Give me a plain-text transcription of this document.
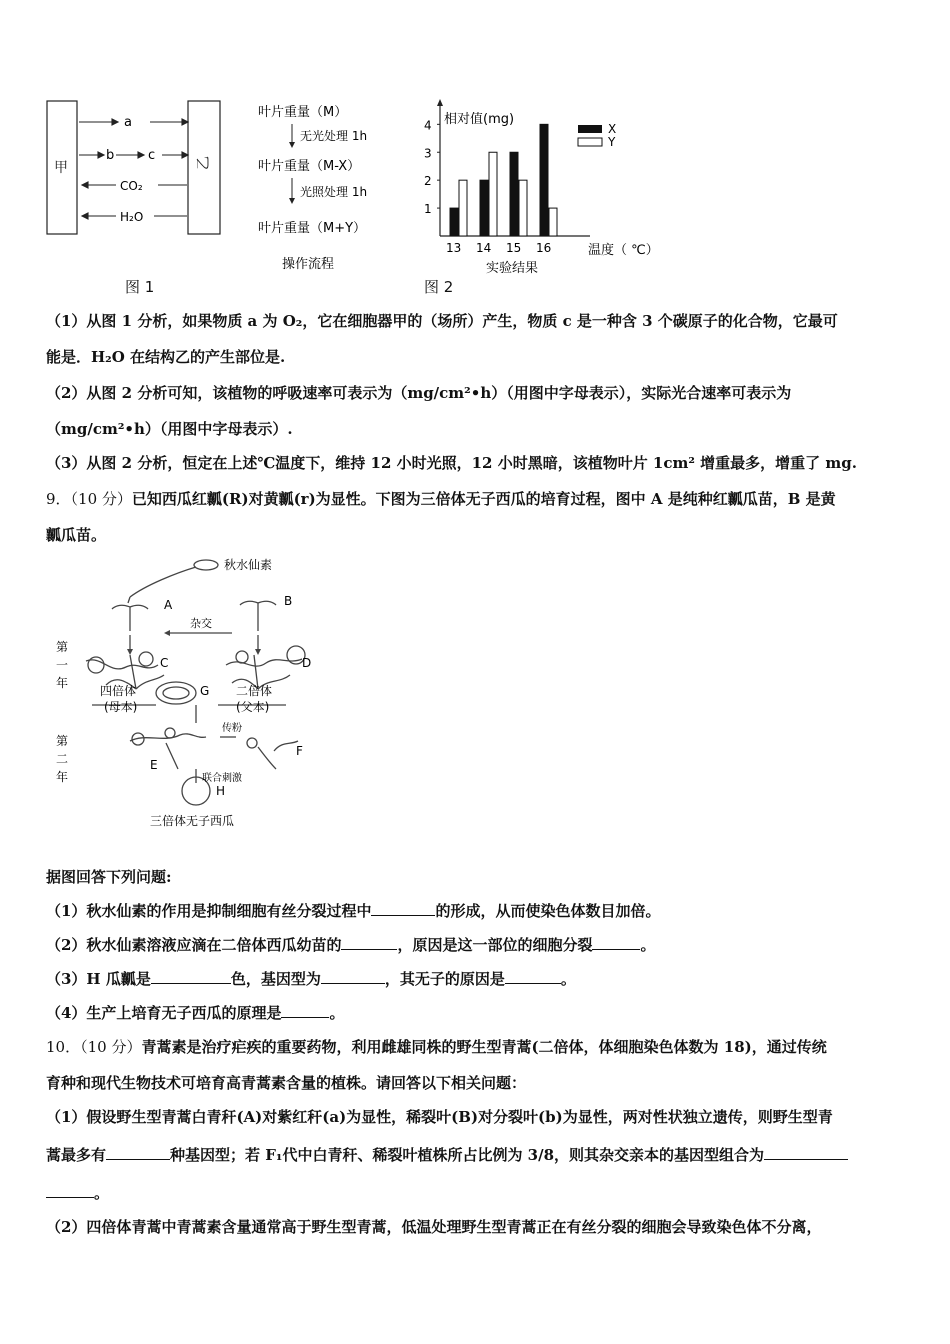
甲	乙
a
b	c
CO₂
H₂O
图 1
叶片重量（M）
无光处理 1h
叶片重量（M-X）
光照处理 1h
叶片重量（M+Y）
操作流程
相对值(mg)
温度（ ℃）
1
2
3
4
13 14 15 16
X
Y
实验结果
图 2
（1）从图 1 分析，如果物质 a 为 O₂，它在细胞器甲的（场所）产生，物质 c 是一种含 3 个碳原子的化合物，它最可
能是．H₂O 在结构乙的产生部位是.
（2）从图 2 分析可知，该植物的呼吸速率可表示为（mg/cm²•h）（用图中字母表示），实际光合速率可表示为
（mg/cm²•h）（用图中字母表示）.
（3）从图 2 分析，恒定在上述℃温度下，维持 12 小时光照，12 小时黑暗，该植物叶片 1cm² 增重最多，增重了 mg.
9．（10 分）已知西瓜红瓤(R)对黄瓤(r)为显性。下图为三倍体无子西瓜的培育过程，图中 A 是纯种红瓤瓜苗，B 是黄
瓤瓜苗。
秋水仙素
A	B
杂交
C	D
G
四倍体
(母本)
二倍体
(父本)
第一年
第二年
传粉
E
F
联合刺激
H
三倍体无子西瓜
据图回答下列问题:
（1）秋水仙素的作用是抑制细胞有丝分裂过程中	的形成，从而使染色体数目加倍。
（2）秋水仙素溶液应滴在二倍体西瓜幼苗的	，原因是这一部位的细胞分裂	。
（3）H 瓜瓤是	色，基因型为	，其无子的原因是	。
（4）生产上培育无子西瓜的原理是	。
10．（10 分）青蒿素是治疗疟疾的重要药物，利用雌雄同株的野生型青蒿(二倍体，体细胞染色体数为 18)，通过传统
育种和现代生物技术可培育高青蒿素含量的植株。请回答以下相关问题：
（1）假设野生型青蒿白青秆(A)对紫红秆(a)为显性，稀裂叶(B)对分裂叶(b)为显性，两对性状独立遗传，则野生型青
蒿最多有	种基因型；若 F₁代中白青秆、稀裂叶植株所占比例为 3/8，则其杂交亲本的基因型组合为
。
（2）四倍体青蒿中青蒿素含量通常高于野生型青蒿，低温处理野生型青蒿正在有丝分裂的细胞会导致染色体不分离，
